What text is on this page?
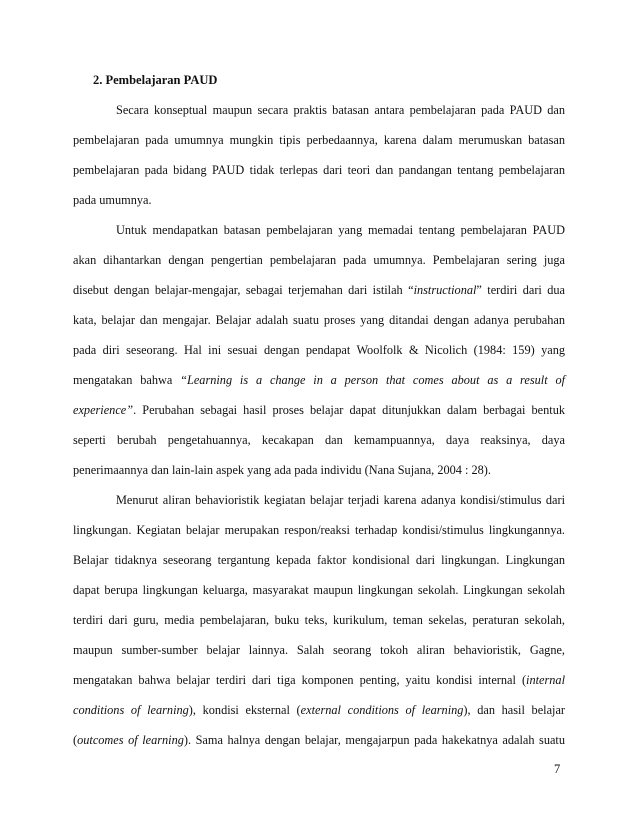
2. Pembelajaran PAUD
Secara konseptual maupun secara praktis batasan antara pembelajaran pada PAUD dan
pembelajaran pada umumnya mungkin tipis perbedaannya, karena dalam merumuskan batasan
pembelajaran pada bidang PAUD tidak terlepas dari teori dan pandangan tentang pembelajaran
pada umumnya.
Untuk mendapatkan batasan pembelajaran yang memadai tentang pembelajaran PAUD
akan dihantarkan dengan pengertian pembelajaran pada umumnya. Pembelajaran sering juga
disebut dengan belajar-mengajar, sebagai terjemahan dari istilah “instructional” terdiri dari dua
kata, belajar dan mengajar. Belajar adalah suatu proses yang ditandai dengan adanya perubahan
pada diri seseorang. Hal ini sesuai dengan pendapat Woolfolk & Nicolich (1984: 159) yang
mengatakan bahwa “Learning is a change in a person that comes about as a result of
experience”. Perubahan sebagai hasil proses belajar dapat ditunjukkan dalam berbagai bentuk
seperti berubah pengetahuannya, kecakapan dan kemampuannya, daya reaksinya, daya
penerimaannya dan lain-lain aspek yang ada pada individu (Nana Sujana, 2004 : 28).
Menurut aliran behavioristik kegiatan belajar terjadi karena adanya kondisi/stimulus dari
lingkungan. Kegiatan belajar merupakan respon/reaksi terhadap kondisi/stimulus lingkungannya.
Belajar tidaknya seseorang tergantung kepada faktor kondisional dari lingkungan. Lingkungan
dapat berupa lingkungan keluarga, masyarakat maupun lingkungan sekolah. Lingkungan sekolah
terdiri dari guru, media pembelajaran, buku teks, kurikulum, teman sekelas, peraturan sekolah,
maupun sumber-sumber belajar lainnya. Salah seorang tokoh aliran behavioristik, Gagne,
mengatakan bahwa belajar terdiri dari tiga komponen penting, yaitu kondisi internal (internal
conditions of learning), kondisi eksternal (external conditions of learning), dan hasil belajar
(outcomes of learning). Sama halnya dengan belajar, mengajarpun pada hakekatnya adalah suatu
7
